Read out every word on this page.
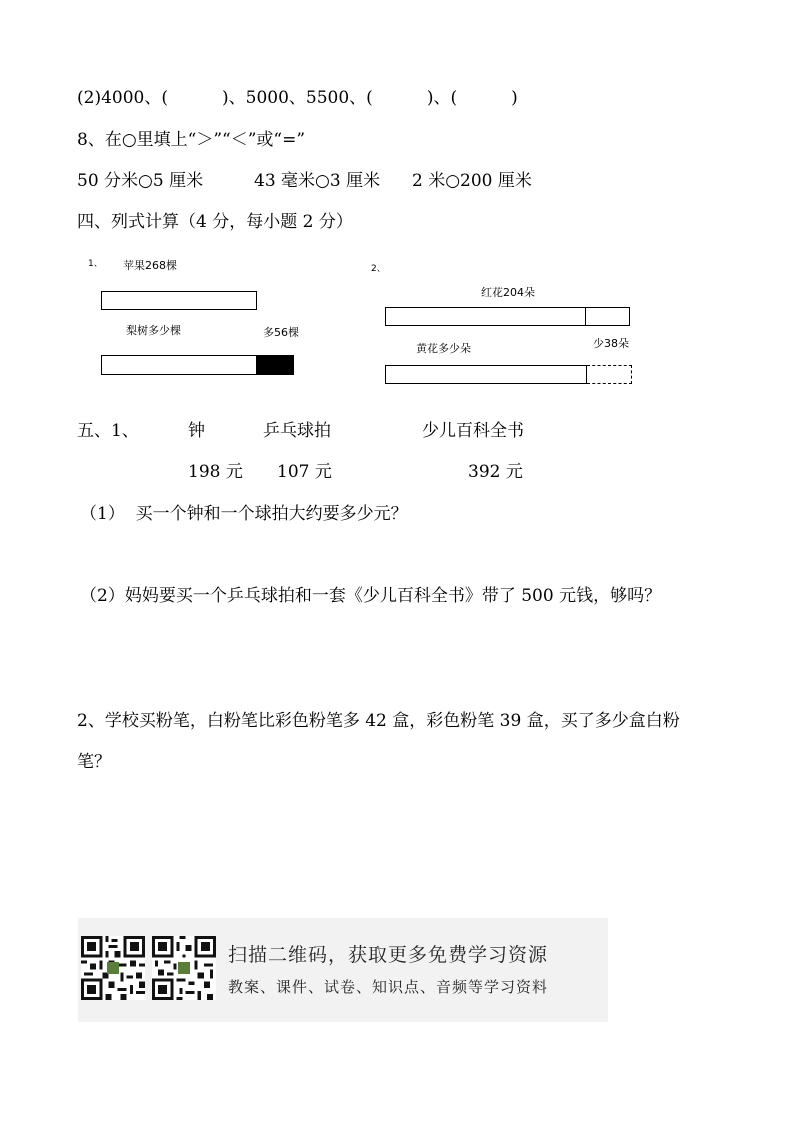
(2)4000、(          )、5000、5500、(          )、(          )
8、在○里填上“＞”“＜”或“=”
50 分米○5 厘米	43 毫米○3 厘米 2 米○200 厘米
四、列式计算（4 分，每小题 2 分）
1、 苹果268棵
梨树多少棵	多56棵
2、
红花204朵
黄花多少朵	少38朵
五、1、	钟	乒乓球拍	少儿百科全书
198 元 107 元	392 元
（1）  买一个钟和一个球拍大约要多少元？
（2）妈妈要买一个乒乓球拍和一套《少儿百科全书》带了 500 元钱，够吗？
2、学校买粉笔，白粉笔比彩色粉笔多 42 盒，彩色粉笔 39 盒，买了多少盒白粉
笔？
扫描二维码，获取更多免费学习资源
教案、课件、试卷、知识点、音频等学习资料
